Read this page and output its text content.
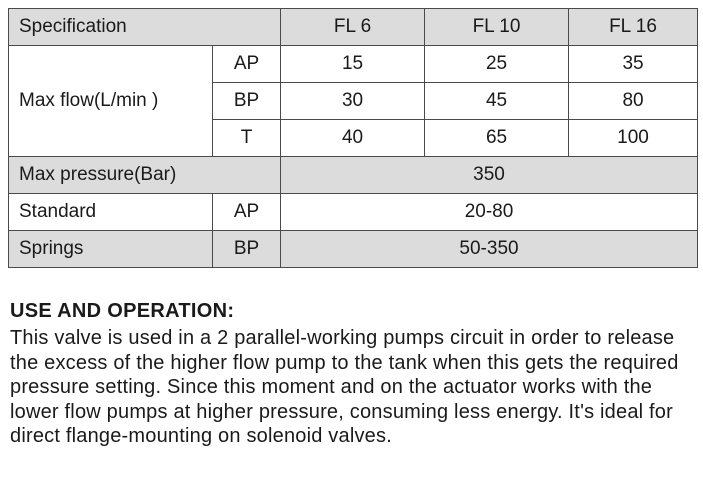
Specification		FL 6	FL 10	FL 16
Max flow(L/min )	AP	15	25	35
	BP	30	45	80
	T	40	65	100
Max pressure(Bar)		350		
Standard	AP	20-80		
Springs	BP	50-350		
USE AND OPERATION:

This valve is used in a 2 parallel-working pumps circuit in order to release the excess of the higher flow pump to the tank when this gets the required pressure setting. Since this moment and on the actuator works with the lower flow pumps at higher pressure, consuming less energy. It's ideal for direct flange-mounting on solenoid valves.
